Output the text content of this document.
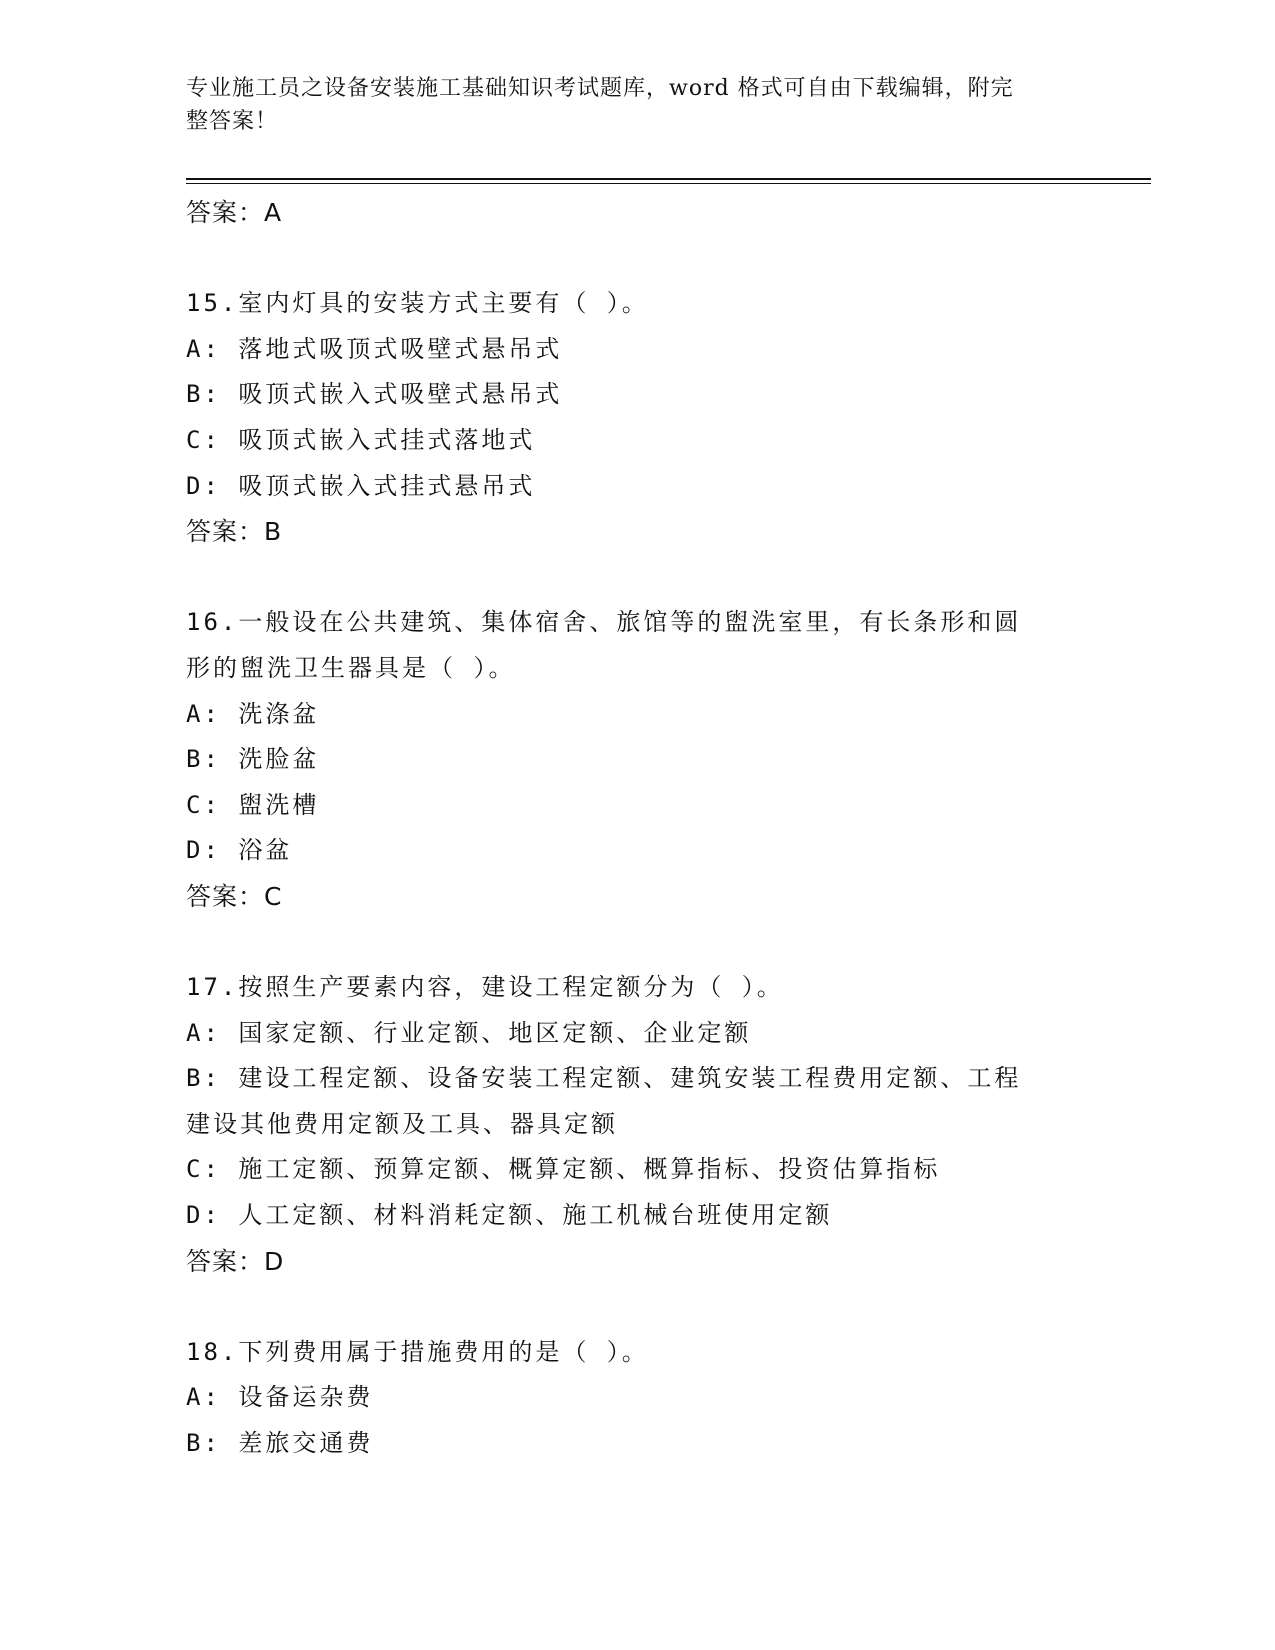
专业施工员之设备安装施工基础知识考试题库，word 格式可自由下载编辑，附完
整答案！
答案：A
15.室内灯具的安装方式主要有（ ）。
A: 落地式吸顶式吸壁式悬吊式
B: 吸顶式嵌入式吸壁式悬吊式
C: 吸顶式嵌入式挂式落地式
D: 吸顶式嵌入式挂式悬吊式
答案：B
16.一般设在公共建筑、集体宿舍、旅馆等的盥洗室里，有长条形和圆
形的盥洗卫生器具是（ ）。
A: 洗涤盆
B: 洗脸盆
C: 盥洗槽
D: 浴盆
答案：C
17.按照生产要素内容，建设工程定额分为（ ）。
A: 国家定额、行业定额、地区定额、企业定额
B: 建设工程定额、设备安装工程定额、建筑安装工程费用定额、工程
建设其他费用定额及工具、器具定额
C: 施工定额、预算定额、概算定额、概算指标、投资估算指标
D: 人工定额、材料消耗定额、施工机械台班使用定额
答案：D
18.下列费用属于措施费用的是（ ）。
A: 设备运杂费
B: 差旅交通费
